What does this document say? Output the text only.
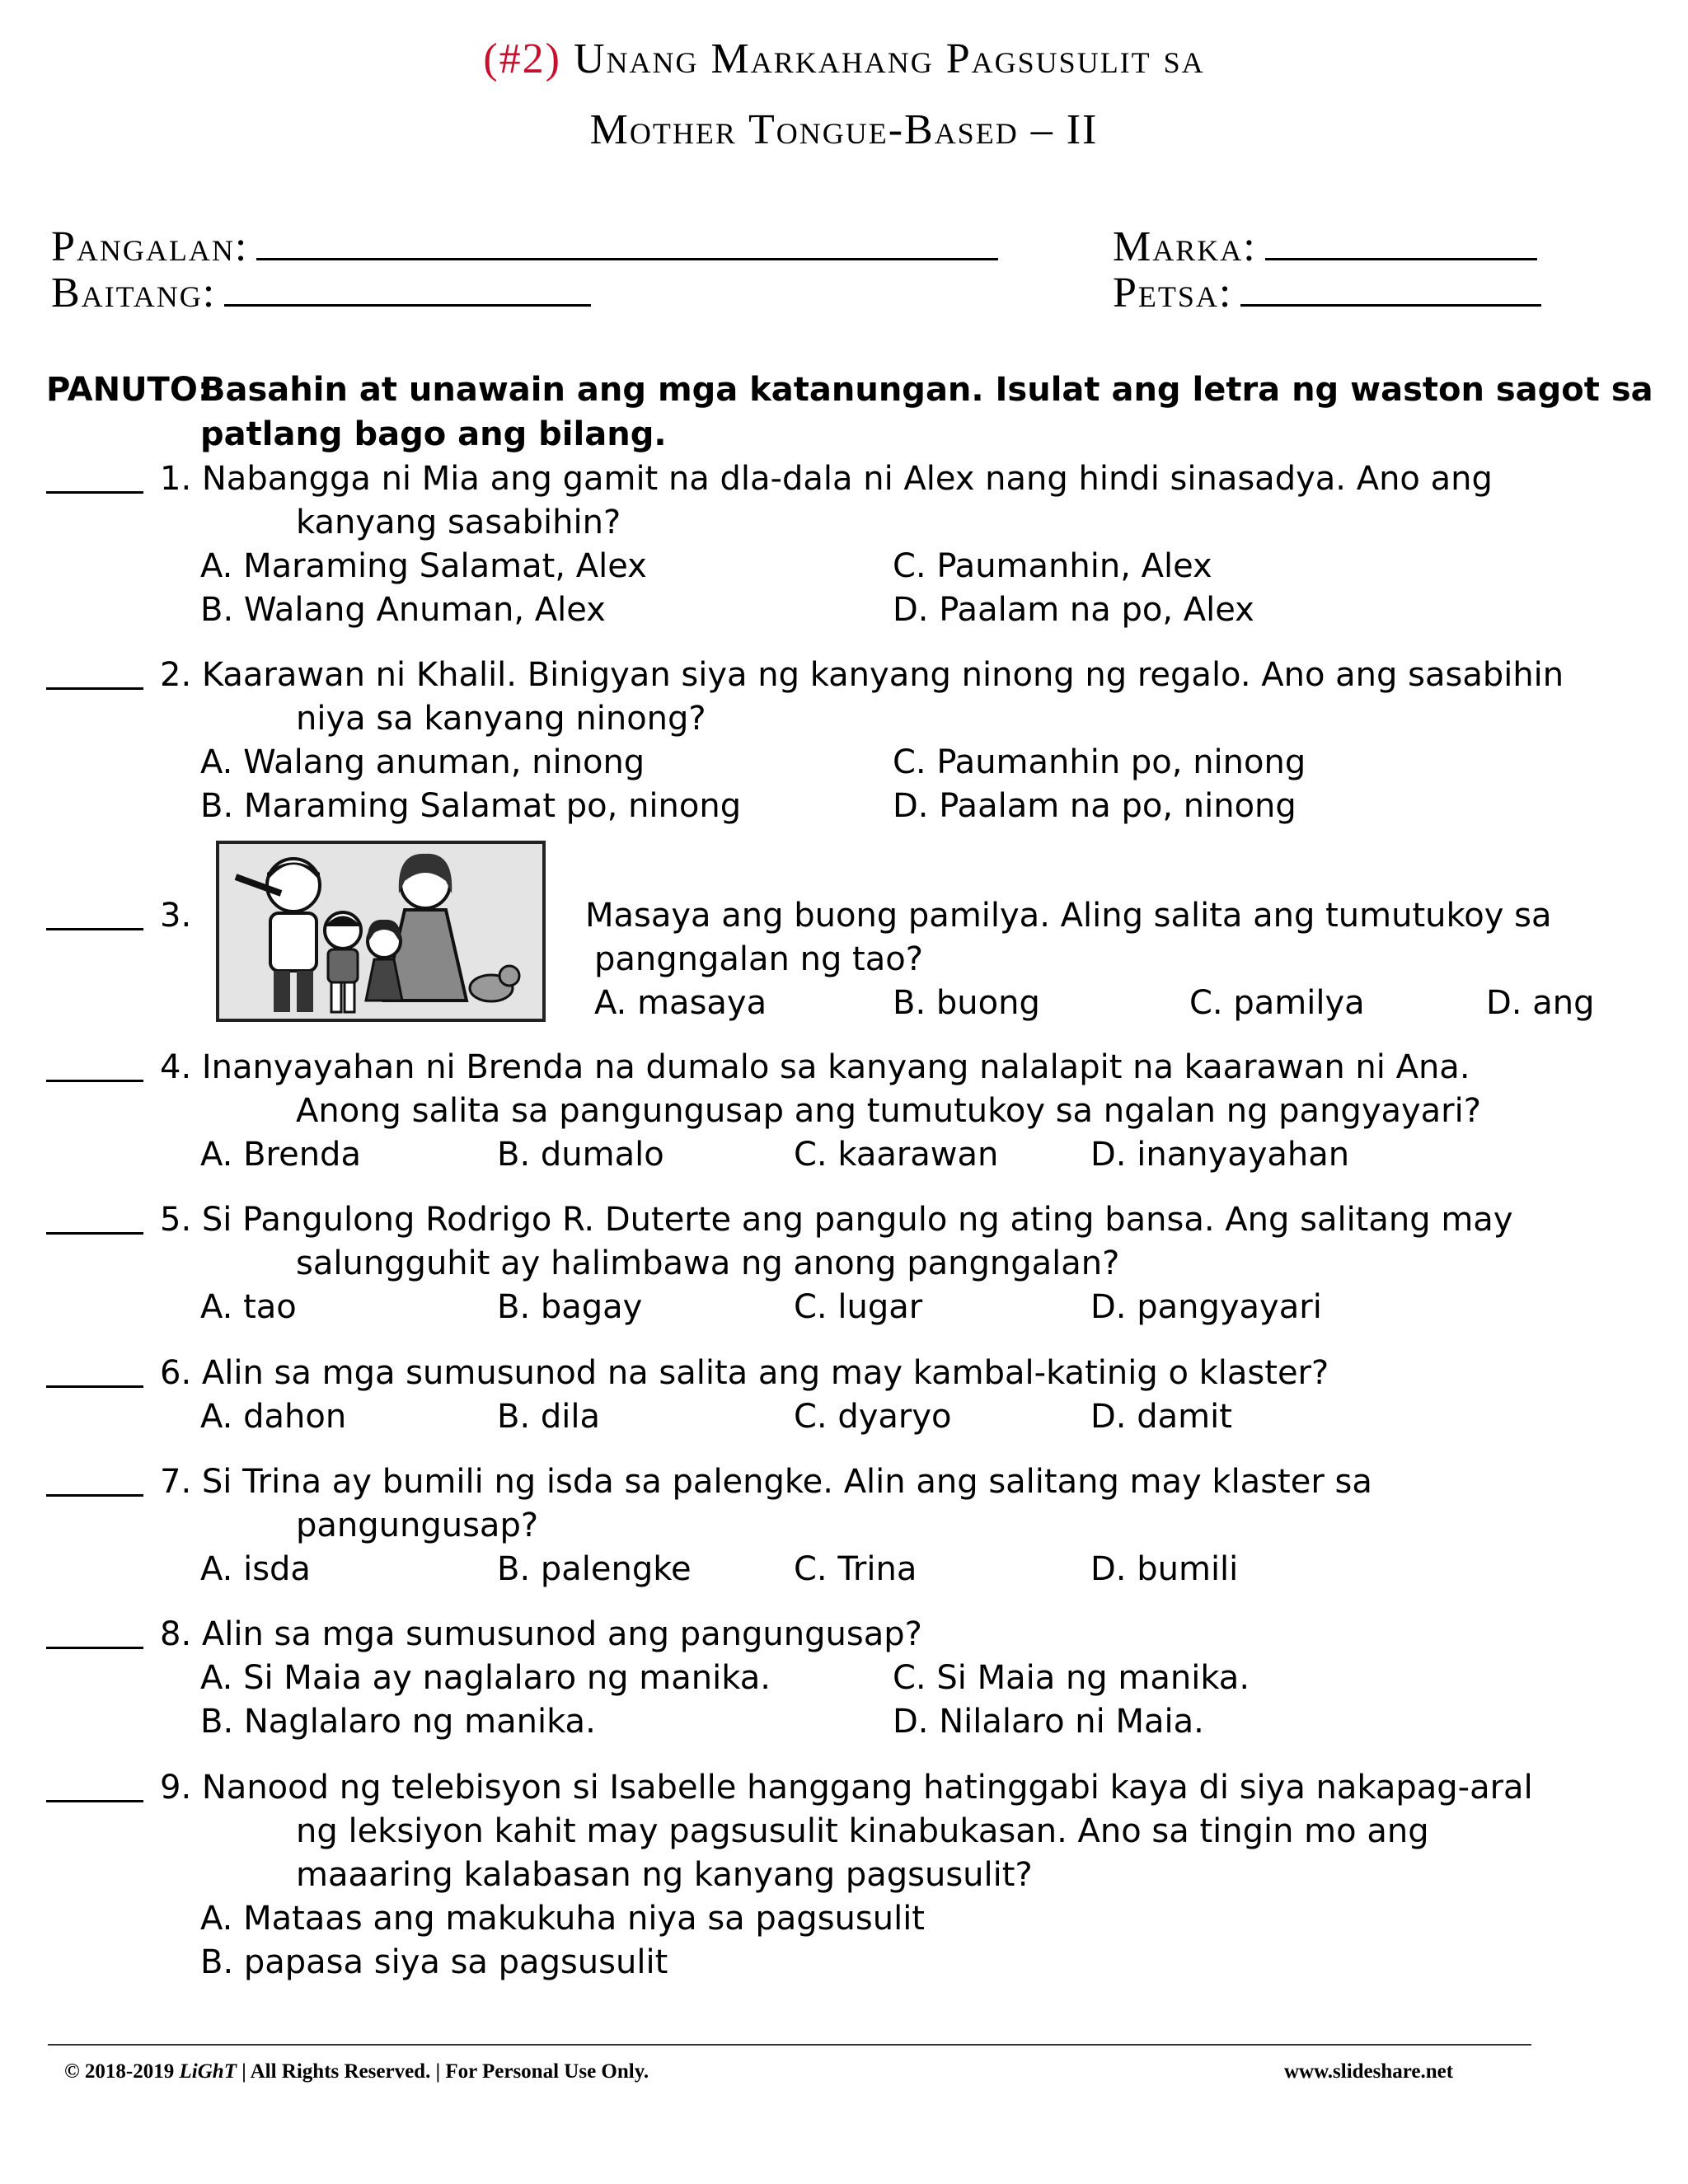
(#2) Unang Markahang Pagsusulit sa
Mother Tongue-Based – II
Pangalan:	Marka:
Baitang:	Petsa:
PANUTO:
Basahin at unawain ang mga katanungan. Isulat ang letra ng waston sagot sa
patlang bago ang bilang.
1. Nabangga ni Mia ang gamit na dla-dala ni Alex nang hindi sinasadya. Ano ang
kanyang sasabihin?
A. Maraming Salamat, Alex	C. Paumanhin, Alex
B. Walang Anuman, Alex	D. Paalam na po, Alex
2. Kaarawan ni Khalil. Binigyan siya ng kanyang ninong ng regalo. Ano ang sasabihin
niya sa kanyang ninong?
A. Walang anuman, ninong	C. Paumanhin po, ninong
B. Maraming Salamat po, ninong	D. Paalam na po, ninong
3.	Masaya ang buong pamilya. Aling salita ang tumutukoy sa
pangngalan ng tao?
A. masaya	B. buong	C. pamilya	D. ang
4. Inanyayahan ni Brenda na dumalo sa kanyang nalalapit na kaarawan ni Ana.
Anong salita sa pangungusap ang tumutukoy sa ngalan ng pangyayari?
A. Brenda	B. dumalo	C. kaarawan	D. inanyayahan
5. Si Pangulong Rodrigo R. Duterte ang pangulo ng ating bansa. Ang salitang may
salungguhit ay halimbawa ng anong pangngalan?
A. tao	B. bagay	C. lugar	D. pangyayari
6. Alin sa mga sumusunod na salita ang may kambal-katinig o klaster?
A. dahon	B. dila	C. dyaryo	D. damit
7. Si Trina ay bumili ng isda sa palengke. Alin ang salitang may klaster sa
pangungusap?
A. isda	B. palengke	C. Trina	D. bumili
8. Alin sa mga sumusunod ang pangungusap?
A. Si Maia ay naglalaro ng manika.	C. Si Maia ng manika.
B. Naglalaro ng manika.	D. Nilalaro ni Maia.
9. Nanood ng telebisyon si Isabelle hanggang hatinggabi kaya di siya nakapag-aral
ng leksiyon kahit may pagsusulit kinabukasan. Ano sa tingin mo ang
maaaring kalabasan ng kanyang pagsusulit?
A. Mataas ang makukuha niya sa pagsusulit
B. papasa siya sa pagsusulit
© 2018-2019 LiGhT | All Rights Reserved. | For Personal Use Only.	www.slideshare.net
